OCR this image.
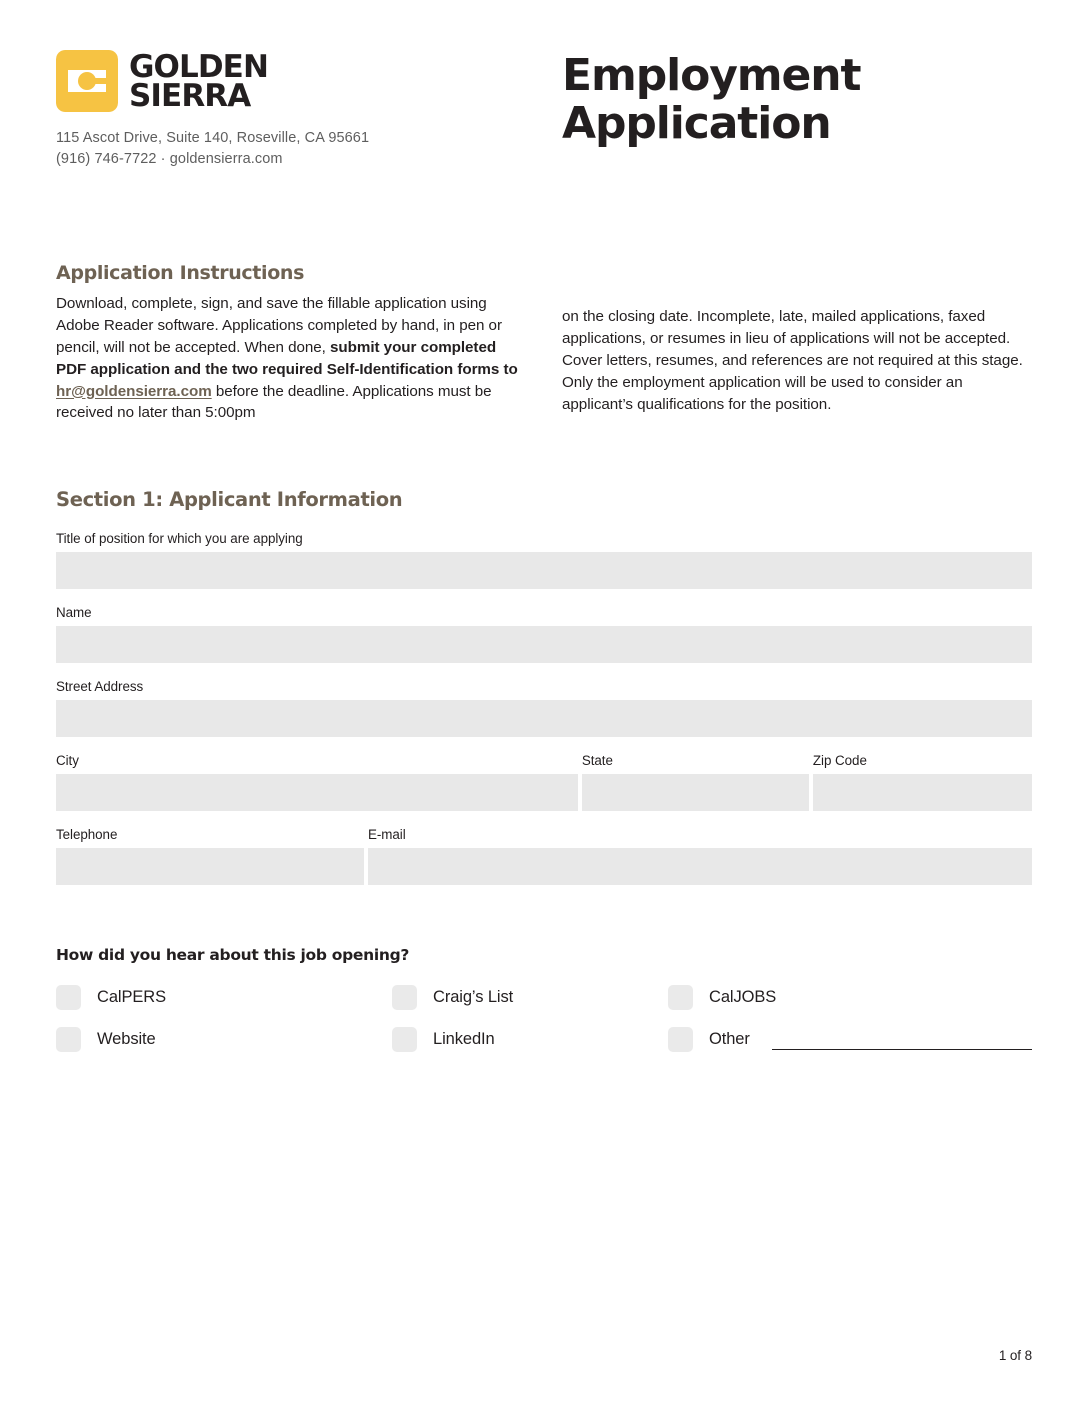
GOLDEN
SIERRA
115 Ascot Drive, Suite 140, Roseville, CA 95661
(916) 746-7722 · goldensierra.com
Employment
Application
Application Instructions
Download, complete, sign, and save the fillable application using Adobe Reader software. Applications completed by hand, in pen or pencil, will not be accepted. When done, submit your completed PDF application and the two required Self-Identification forms to hr@goldensierra.com before the deadline. Applications must be received no later than 5:00pm
on the closing date. Incomplete, late, mailed applications, faxed applications, or resumes in lieu of applications will not be accepted. Cover letters, resumes, and references are not required at this stage. Only the employment application will be used to consider an applicant’s qualifications for the position.
Section 1: Applicant Information
Title of position for which you are applying
Name
Street Address
City	State	Zip Code
Telephone	E-mail
How did you hear about this job opening?
CalPERS	Craig’s List	CalJOBS
Website	LinkedIn	Other
1 of 8
